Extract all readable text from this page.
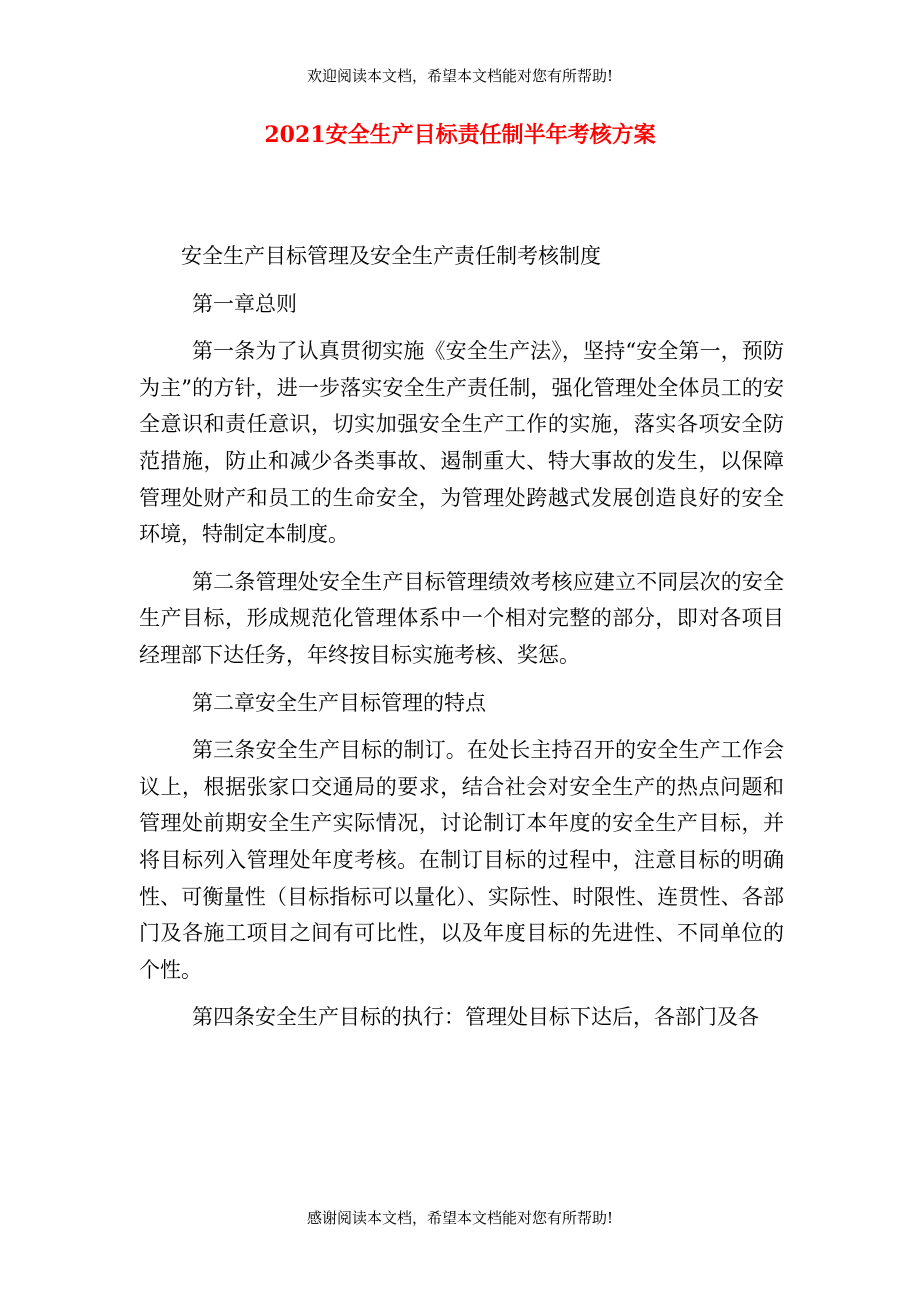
欢迎阅读本文档，希望本文档能对您有所帮助!
2021安全生产目标责任制半年考核方案

安全生产目标管理及安全生产责任制考核制度

第一章总则

第一条为了认真贯彻实施《安全生产法》，坚持“安全第一，预防为主”的方针，进一步落实安全生产责任制，强化管理处全体员工的安全意识和责任意识，切实加强安全生产工作的实施，落实各项安全防范措施，防止和减少各类事故、遏制重大、特大事故的发生，以保障管理处财产和员工的生命安全，为管理处跨越式发展创造良好的安全环境，特制定本制度。

第二条管理处安全生产目标管理绩效考核应建立不同层次的安全生产目标，形成规范化管理体系中一个相对完整的部分，即对各项目经理部下达任务，年终按目标实施考核、奖惩。

第二章安全生产目标管理的特点

第三条安全生产目标的制订。在处长主持召开的安全生产工作会议上，根据张家口交通局的要求，结合社会对安全生产的热点问题和管理处前期安全生产实际情况，讨论制订本年度的安全生产目标，并将目标列入管理处年度考核。在制订目标的过程中，注意目标的明确性、可衡量性（目标指标可以量化）、实际性、时限性、连贯性、各部门及各施工项目之间有可比性，以及年度目标的先进性、不同单位的个性。

第四条安全生产目标的执行：管理处目标下达后，各部门及各

感谢阅读本文档，希望本文档能对您有所帮助!
